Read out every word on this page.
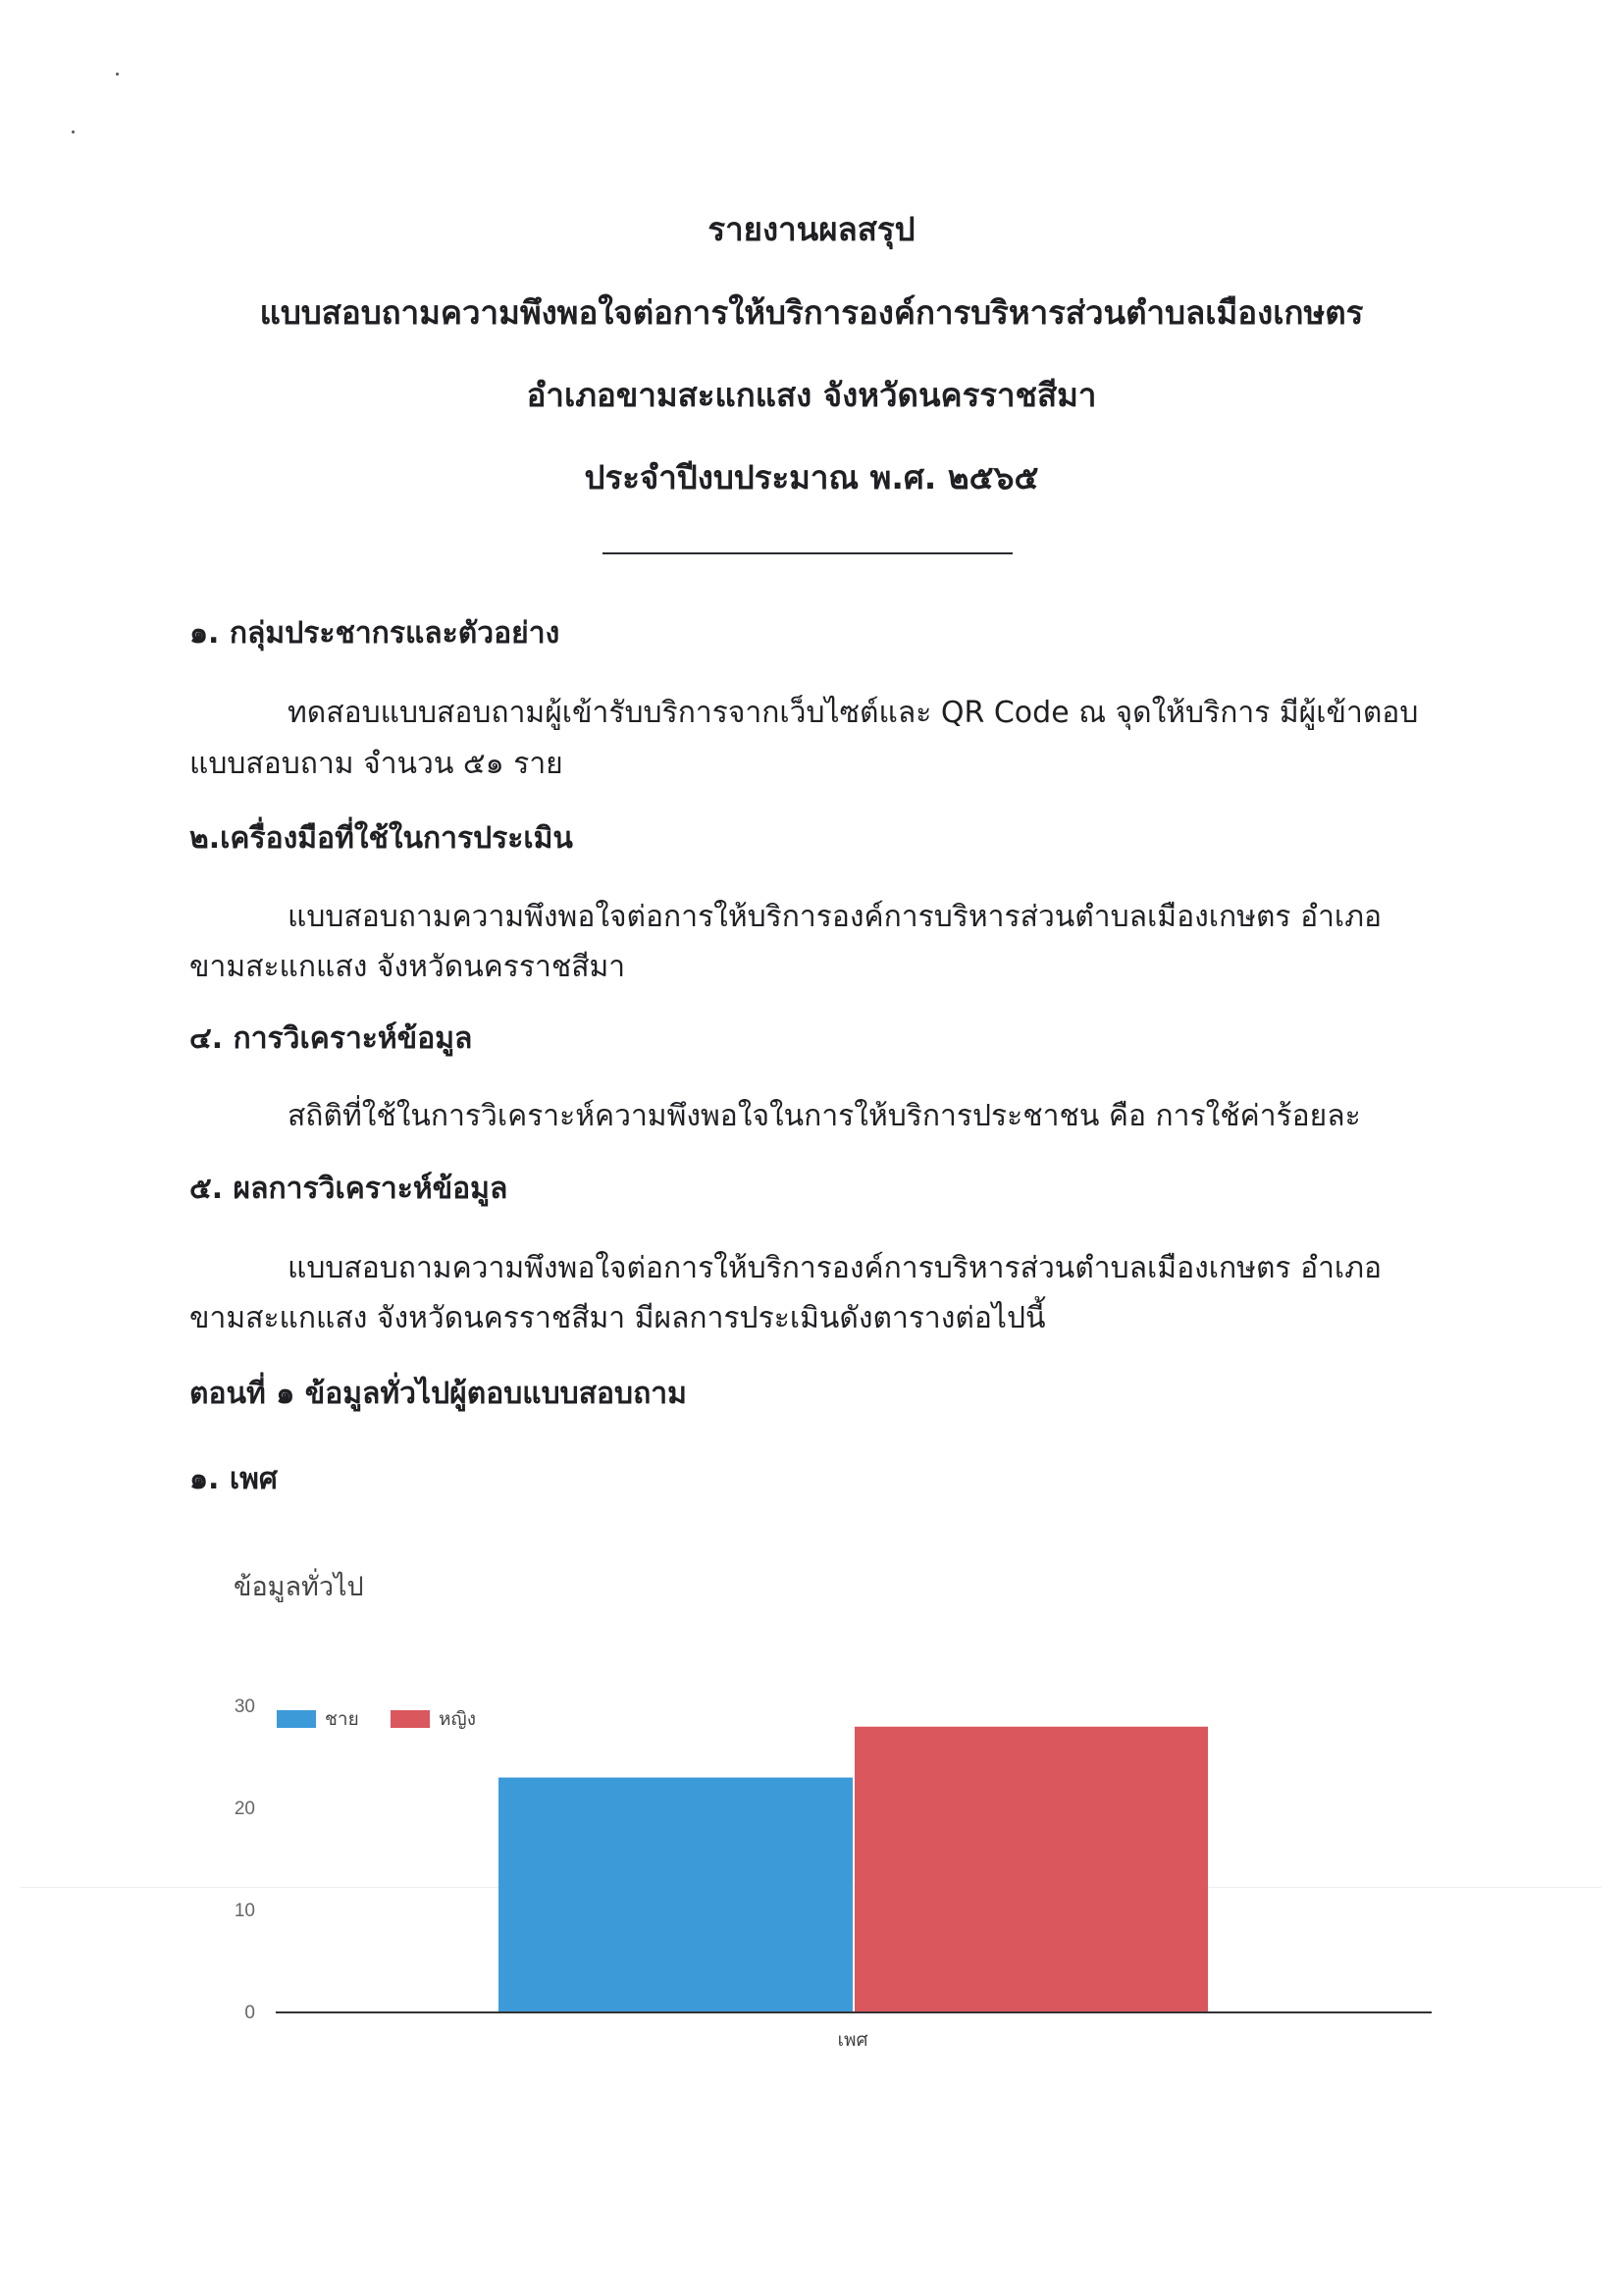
รายงานผลสรุป
แบบสอบถามความพึงพอใจต่อการให้บริการองค์การบริหารส่วนตำบลเมืองเกษตร
อำเภอขามสะแกแสง จังหวัดนครราชสีมา
ประจำปีงบประมาณ พ.ศ. ๒๕๖๕
๑. กลุ่มประชากรและตัวอย่าง
ทดสอบแบบสอบถามผู้เข้ารับบริการจากเว็บไซต์และ QR Code ณ จุดให้บริการ มีผู้เข้าตอบ
แบบสอบถาม จำนวน ๕๑ ราย
๒.เครื่องมือที่ใช้ในการประเมิน
แบบสอบถามความพึงพอใจต่อการให้บริการองค์การบริหารส่วนตำบลเมืองเกษตร อำเภอ
ขามสะแกแสง จังหวัดนครราชสีมา
๔. การวิเคราะห์ข้อมูล
สถิติที่ใช้ในการวิเคราะห์ความพึงพอใจในการให้บริการประชาชน คือ การใช้ค่าร้อยละ
๕. ผลการวิเคราะห์ข้อมูล
แบบสอบถามความพึงพอใจต่อการให้บริการองค์การบริหารส่วนตำบลเมืองเกษตร อำเภอ
ขามสะแกแสง จังหวัดนครราชสีมา มีผลการประเมินดังตารางต่อไปนี้
ตอนที่ ๑ ข้อมูลทั่วไปผู้ตอบแบบสอบถาม
๑. เพศ
ข้อมูลทั่วไป
0
10
20
30
เพศ
ชาย	หญิง
